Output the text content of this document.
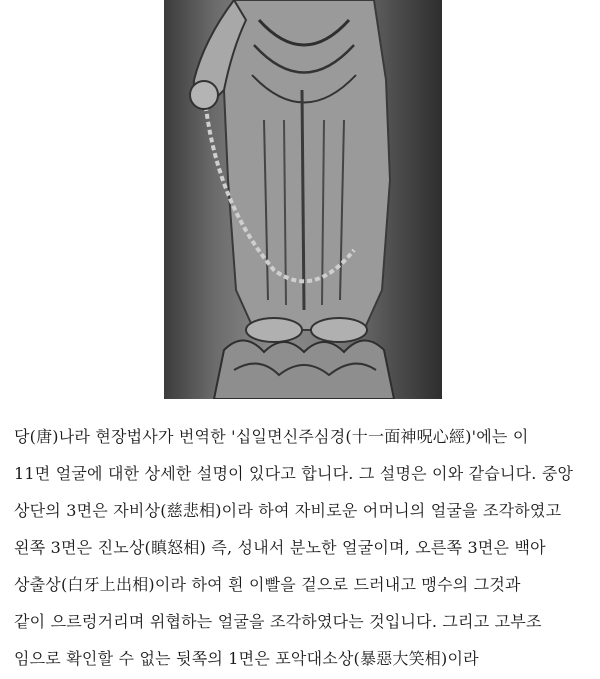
당(唐)나라 현장법사가 번역한 '십일면신주심경(十一面神呪心經)'에는 이
11면 얼굴에 대한 상세한 설명이 있다고 합니다. 그 설명은 이와 같습니다. 중앙
상단의 3면은 자비상(慈悲相)이라 하여 자비로운 어머니의 얼굴을 조각하였고
왼쪽 3면은 진노상(瞋怒相) 즉, 성내서 분노한 얼굴이며, 오른쪽 3면은 백아
상출상(白牙上出相)이라 하여 흰 이빨을 겉으로 드러내고 맹수의 그것과
같이 으르렁거리며 위협하는 얼굴을 조각하였다는 것입니다. 그리고 고부조
임으로 확인할 수 없는 뒷쪽의 1면은 포악대소상(暴惡大笑相)이라
